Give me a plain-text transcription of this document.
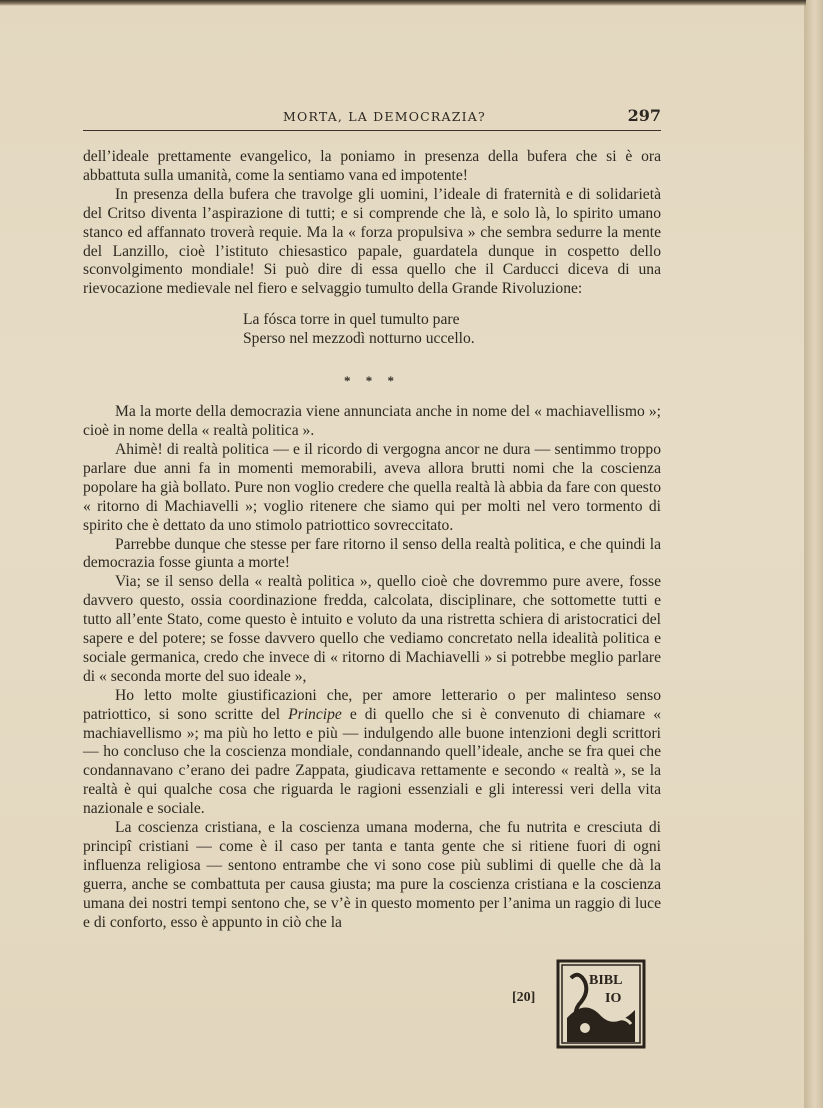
MORTA, LA DEMOCRAZIA?	297

dell’ideale prettamente evangelico, la poniamo in presenza della bufera che si è ora abbattuta sulla umanità, come la sentiamo vana ed impotente!

In presenza della bufera che travolge gli uomini, l’ideale di fraternità e di solidarietà del Critso diventa l’aspirazione di tutti; e si comprende che là, e solo là, lo spirito umano stanco ed affannato troverà requie. Ma la « forza propulsiva » che sembra sedurre la mente del Lanzillo, cioè l’istituto chiesastico papale, guardatela dunque in cospetto dello sconvolgimento mondiale! Si può dire di essa quello che il Carducci diceva di una rievocazione medievale nel fiero e selvaggio tumulto della Grande Rivoluzione:

La fósca torre in quel tumulto pare
Sperso nel mezzodì notturno uccello.
* * *

Ma la morte della democrazia viene annunciata anche in nome del « machiavellismo »; cioè in nome della « realtà politica ».

Ahimè! di realtà politica — e il ricordo di vergogna ancor ne dura — sentimmo troppo parlare due anni fa in momenti memorabili, aveva allora brutti nomi che la coscienza popolare ha già bollato. Pure non voglio credere che quella realtà là abbia da fare con questo « ritorno di Machiavelli »; voglio ritenere che siamo qui per molti nel vero tormento di spirito che è dettato da uno stimolo patriottico sovreccitato.

Parrebbe dunque che stesse per fare ritorno il senso della realtà politica, e che quindi la democrazia fosse giunta a morte!

Via; se il senso della « realtà politica », quello cioè che dovremmo pure avere, fosse davvero questo, ossia coordinazione fredda, calcolata, disciplinare, che sottomette tutti e tutto all’ente Stato, come questo è intuito e voluto da una ristretta schiera di aristocratici del sapere e del potere; se fosse davvero quello che vediamo concretato nella idealità politica e sociale germanica, credo che invece di « ritorno di Machiavelli » si potrebbe meglio parlare di « seconda morte del suo ideale »,

Ho letto molte giustificazioni che, per amore letterario o per malinteso senso patriottico, si sono scritte del Principe e di quello che si è convenuto di chiamare « machiavellismo »; ma più ho letto e più — indulgendo alle buone intenzioni degli scrittori — ho concluso che la coscienza mondiale, condannando quell’ideale, anche se fra quei che condannavano c’erano dei padre Zappata, giudicava rettamente e secondo « realtà », se la realtà è qui qualche cosa che riguarda le ragioni essenziali e gli interessi veri della vita nazionale e sociale.

La coscienza cristiana, e la coscienza umana moderna, che fu nutrita e cresciuta di principî cristiani — come è il caso per tanta e tanta gente che si ritiene fuori di ogni influenza religiosa — sentono entrambe che vi sono cose più sublimi di quelle che dà la guerra, anche se combattuta per causa giusta; ma pure la coscienza cristiana e la coscienza umana dei nostri tempi sentono che, se v’è in questo momento per l’anima un raggio di luce e di conforto, esso è appunto in ciò che la

[20]
BIBL
IO
